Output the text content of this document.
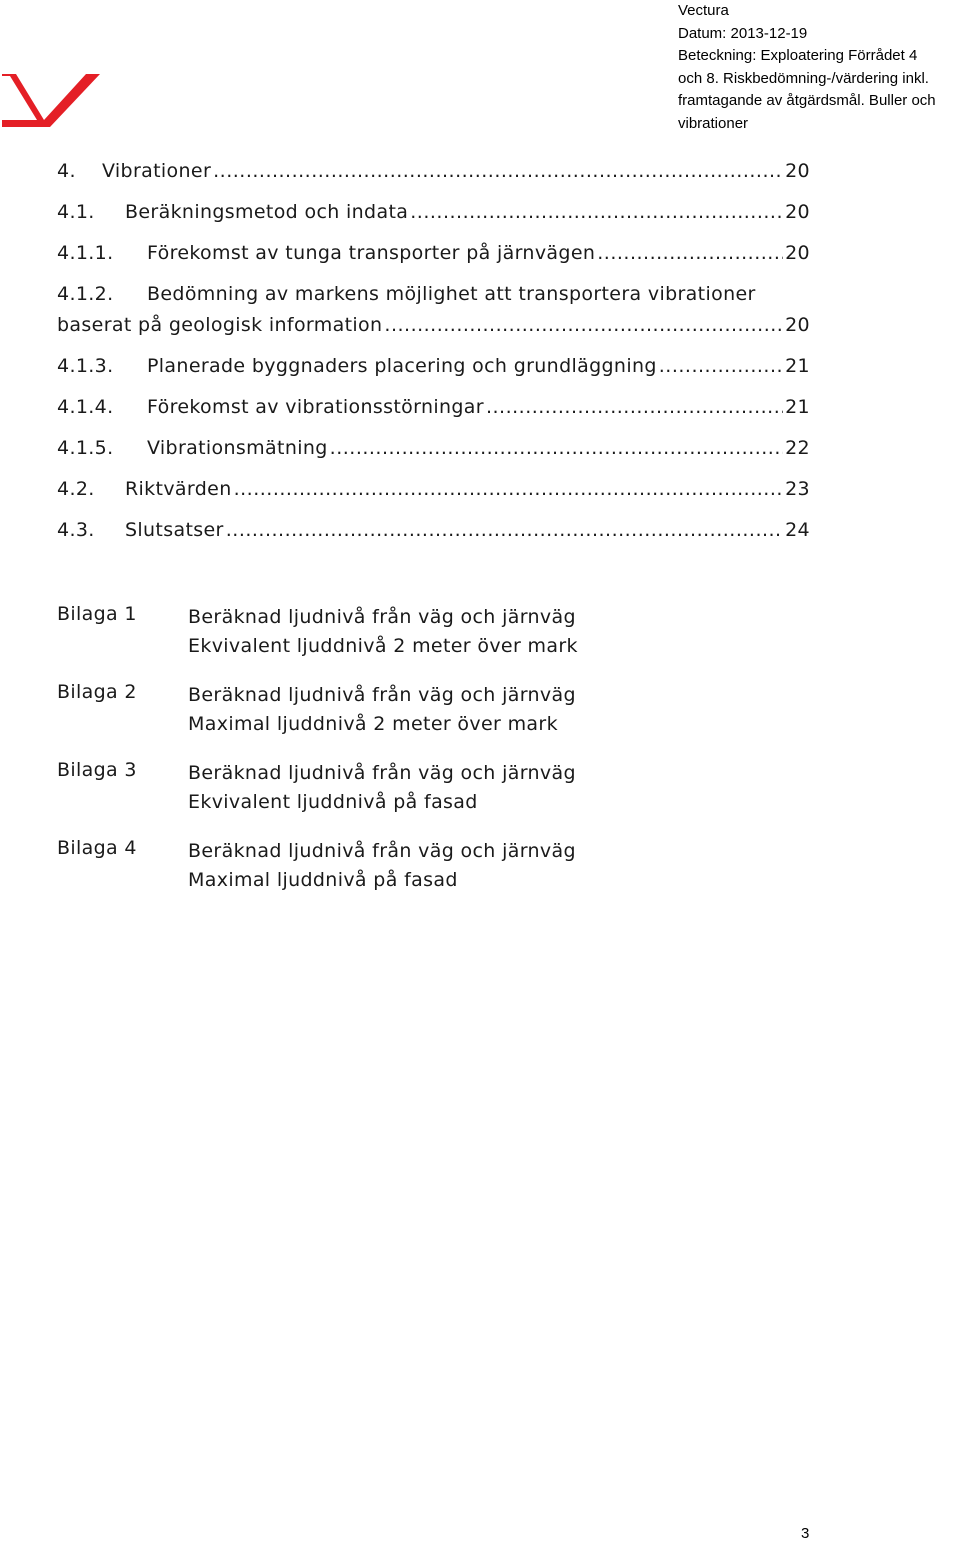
Vectura
Datum: 2013-12-19
Beteckning: Exploatering Förrådet 4
och 8. Riskbedömning-/värdering inkl.
framtagande av åtgärdsmål. Buller och
vibrationer
4.	Vibrationer .....	20
4.1.	Beräkningsmetod och indata .....	20
4.1.1.	Förekomst av tunga transporter på järnvägen .....	20
4.1.2.	Bedömning av markens möjlighet att transportera vibrationer
baserat på geologisk information .....	20
4.1.3.	Planerade byggnaders placering och grundläggning .....	21
4.1.4.	Förekomst av vibrationsstörningar .....	21
4.1.5.	Vibrationsmätning .....	22
4.2.	Riktvärden .....	23
4.3.	Slutsatser .....	24
Bilaga 1	Beräknad ljudnivå från väg och järnväg
Ekvivalent ljuddnivå 2 meter över mark
Bilaga 2	Beräknad ljudnivå från väg och järnväg
Maximal ljuddnivå 2 meter över mark
Bilaga 3	Beräknad ljudnivå från väg och järnväg
Ekvivalent ljuddnivå på fasad
Bilaga 4	Beräknad ljudnivå från väg och järnväg
Maximal ljuddnivå på fasad
3
